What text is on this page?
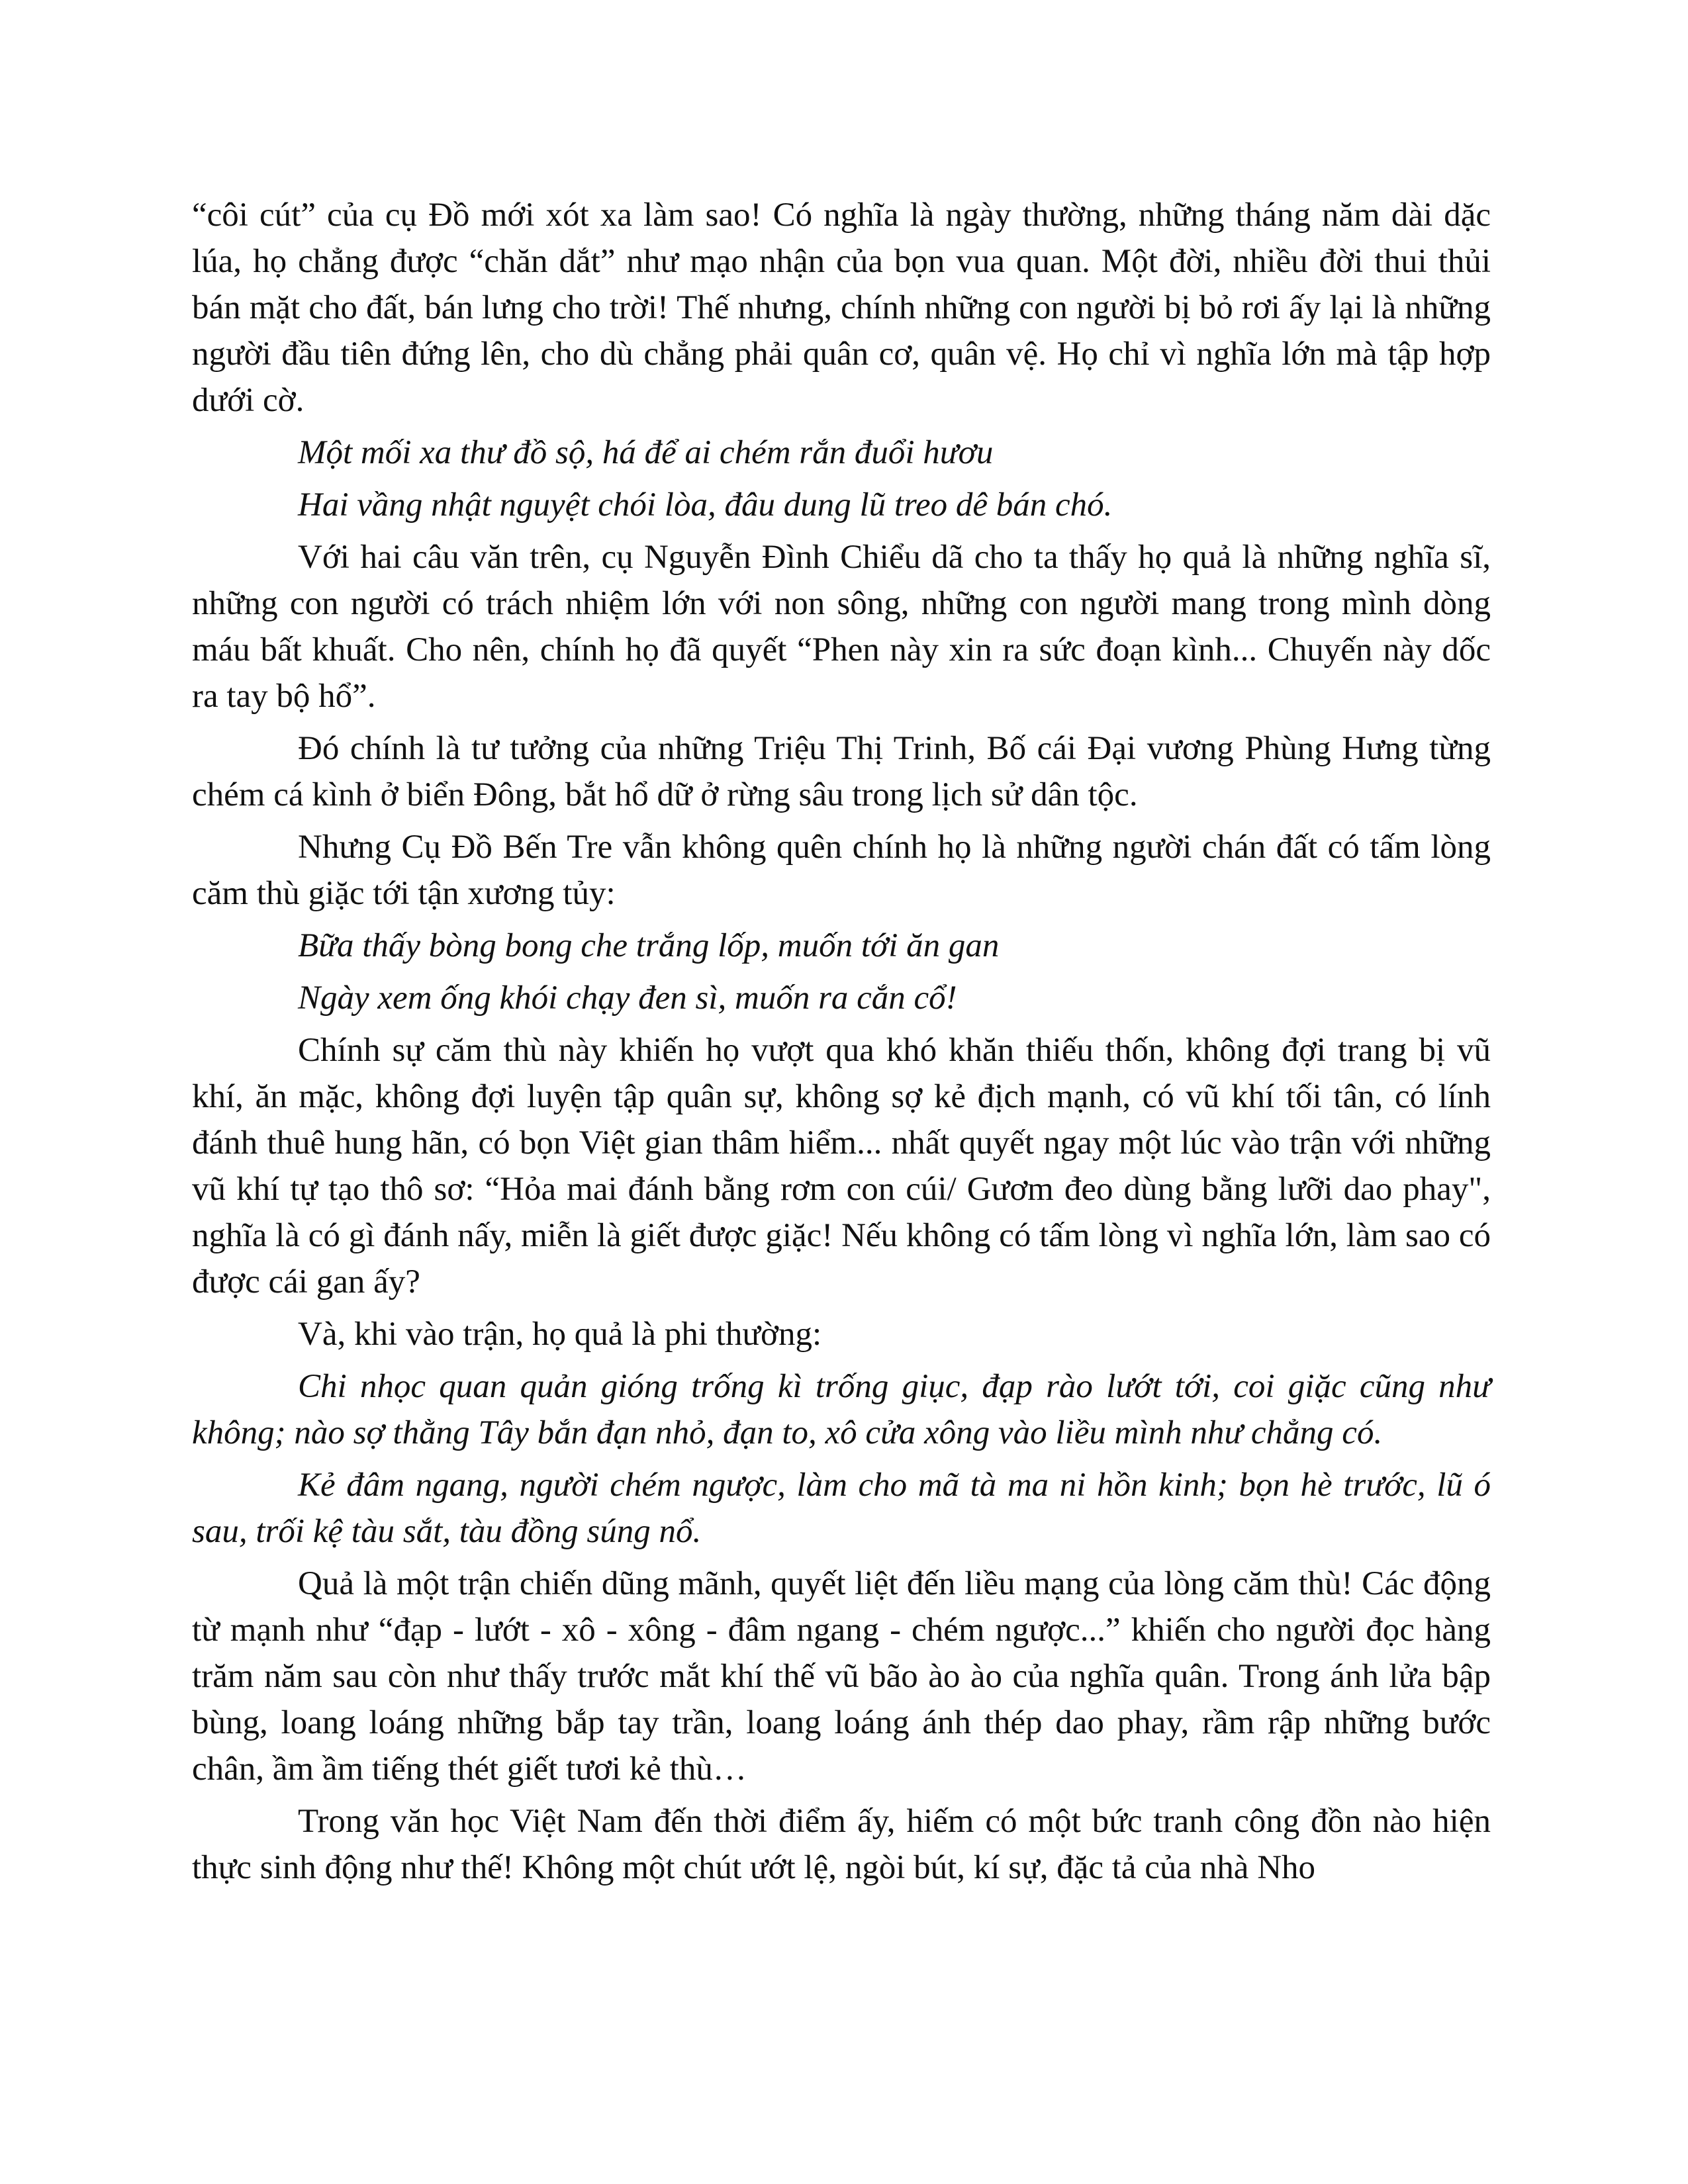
“côi cút” của cụ Đồ mới xót xa làm sao! Có nghĩa là ngày thường, những tháng năm dài dặc lúa, họ chẳng được “chăn dắt” như mạo nhận của bọn vua quan. Một đời, nhiều đời thui thủi bán mặt cho đất, bán lưng cho trời! Thế nhưng, chính những con người bị bỏ rơi ấy lại là những người đầu tiên đứng lên, cho dù chẳng phải quân cơ, quân vệ. Họ chỉ vì nghĩa lớn mà tập hợp dưới cờ.

Một mối xa thư đồ sộ, há để ai chém rắn đuổi hươu

Hai vầng nhật nguyệt chói lòa, đâu dung lũ treo dê bán chó.

Với hai câu văn trên, cụ Nguyễn Đình Chiểu dã cho ta thấy họ quả là những nghĩa sĩ, những con người có trách nhiệm lớn với non sông, những con người mang trong mình dòng máu bất khuất. Cho nên, chính họ đã quyết “Phen này xin ra sức đoạn kình... Chuyến này dốc ra tay bộ hổ”.

Đó chính là tư tưởng của những Triệu Thị Trinh, Bố cái Đại vương Phùng Hưng từng chém cá kình ở biển Đông, bắt hổ dữ ở rừng sâu trong lịch sử dân tộc.

Nhưng Cụ Đồ Bến Tre vẫn không quên chính họ là những người chán đất có tấm lòng căm thù giặc tới tận xương tủy:

Bữa thấy bòng bong che trắng lốp, muốn tới ăn gan

Ngày xem ống khói chạy đen sì, muốn ra cắn cổ!

Chính sự căm thù này khiến họ vượt qua khó khăn thiếu thốn, không đợi trang bị vũ khí, ăn mặc, không đợi luyện tập quân sự, không sợ kẻ địch mạnh, có vũ khí tối tân, có lính đánh thuê hung hãn, có bọn Việt gian thâm hiểm... nhất quyết ngay một lúc vào trận với những vũ khí tự tạo thô sơ: “Hỏa mai đánh bằng rơm con cúi/ Gươm đeo dùng bằng lưỡi dao phay", nghĩa là có gì đánh nấy, miễn là giết được giặc! Nếu không có tấm lòng vì nghĩa lớn, làm sao có được cái gan ấy?

Và, khi vào trận, họ quả là phi thường:

Chi nhọc quan quản gióng trống kì trống giục, đạp rào lướt tới, coi giặc cũng như không; nào sợ thằng Tây bắn đạn nhỏ, đạn to, xô cửa xông vào liều mình như chẳng có.

Kẻ đâm ngang, người chém ngược, làm cho mã tà ma ni hồn kinh; bọn hè trước, lũ ó sau, trối kệ tàu sắt, tàu đồng súng nổ.

Quả là một trận chiến dũng mãnh, quyết liệt đến liều mạng của lòng căm thù! Các động từ mạnh như “đạp - lướt - xô - xông - đâm ngang - chém ngược...” khiến cho người đọc hàng trăm năm sau còn như thấy trước mắt khí thế vũ bão ào ào của nghĩa quân. Trong ánh lửa bập bùng, loang loáng những bắp tay trần, loang loáng ánh thép dao phay, rầm rập những bước chân, ầm ầm tiếng thét giết tươi kẻ thù…

Trong văn học Việt Nam đến thời điểm ấy, hiếm có một bức tranh công đồn nào hiện thực sinh động như thế! Không một chút ướt lệ, ngòi bút, kí sự, đặc tả của nhà Nho
